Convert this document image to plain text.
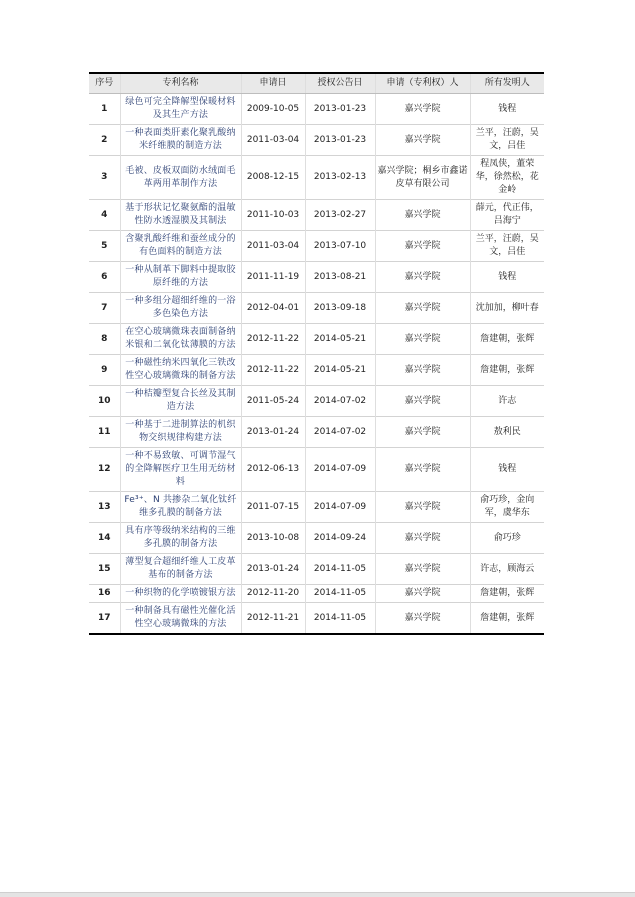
序号	专利名称	申请日	授权公告日	申请（专利权）人	所有发明人
1	绿色可完全降解型保暖材料及其生产方法	2009-10-05	2013-01-23	嘉兴学院	钱程
2	一种表面类肝素化聚乳酸纳米纤维膜的制造方法	2011-03-04	2013-01-23	嘉兴学院	兰平，汪蔚，吴文，吕佳
3	毛被、皮板双面防水绒面毛革两用革制作方法	2008-12-15	2013-02-13	嘉兴学院；桐乡市鑫诺皮草有限公司	程凤侠，董荣华，徐然松，花金岭
4	基于形状记忆聚氨酯的温敏性防水透湿膜及其制法	2011-10-03	2013-02-27	嘉兴学院	薛元，代正伟，吕海宁
5	含聚乳酸纤维和蚕丝成分的有色面料的制造方法	2011-03-04	2013-07-10	嘉兴学院	兰平，汪蔚，吴文，吕佳
6	一种从制革下脚料中提取胶原纤维的方法	2011-11-19	2013-08-21	嘉兴学院	钱程
7	一种多组分超细纤维的一浴多色染色方法	2012-04-01	2013-09-18	嘉兴学院	沈加加，柳叶春
8	在空心玻璃微珠表面制备纳米银和二氧化钛薄膜的方法	2012-11-22	2014-05-21	嘉兴学院	詹建朝，张辉
9	一种磁性纳米四氧化三铁改性空心玻璃微珠的制备方法	2012-11-22	2014-05-21	嘉兴学院	詹建朝，张辉
10	一种桔瓣型复合长丝及其制造方法	2011-05-24	2014-07-02	嘉兴学院	许志
11	一种基于二进制算法的机织物交织规律构建方法	2013-01-24	2014-07-02	嘉兴学院	敖利民
12	一种不易致敏、可调节湿气的全降解医疗卫生用无纺材料	2012-06-13	2014-07-09	嘉兴学院	钱程
13	Fe³⁺、N 共掺杂二氧化钛纤维多孔膜的制备方法	2011-07-15	2014-07-09	嘉兴学院	俞巧珍，金向军，虞华东
14	具有序等级纳米结构的三维多孔膜的制备方法	2013-10-08	2014-09-24	嘉兴学院	俞巧珍
15	薄型复合超细纤维人工皮革基布的制备方法	2013-01-24	2014-11-05	嘉兴学院	许志，顾海云
16	一种织物的化学喷镀银方法	2012-11-20	2014-11-05	嘉兴学院	詹建朝，张辉
17	一种制备具有磁性光催化活性空心玻璃微珠的方法	2012-11-21	2014-11-05	嘉兴学院	詹建朝，张辉
